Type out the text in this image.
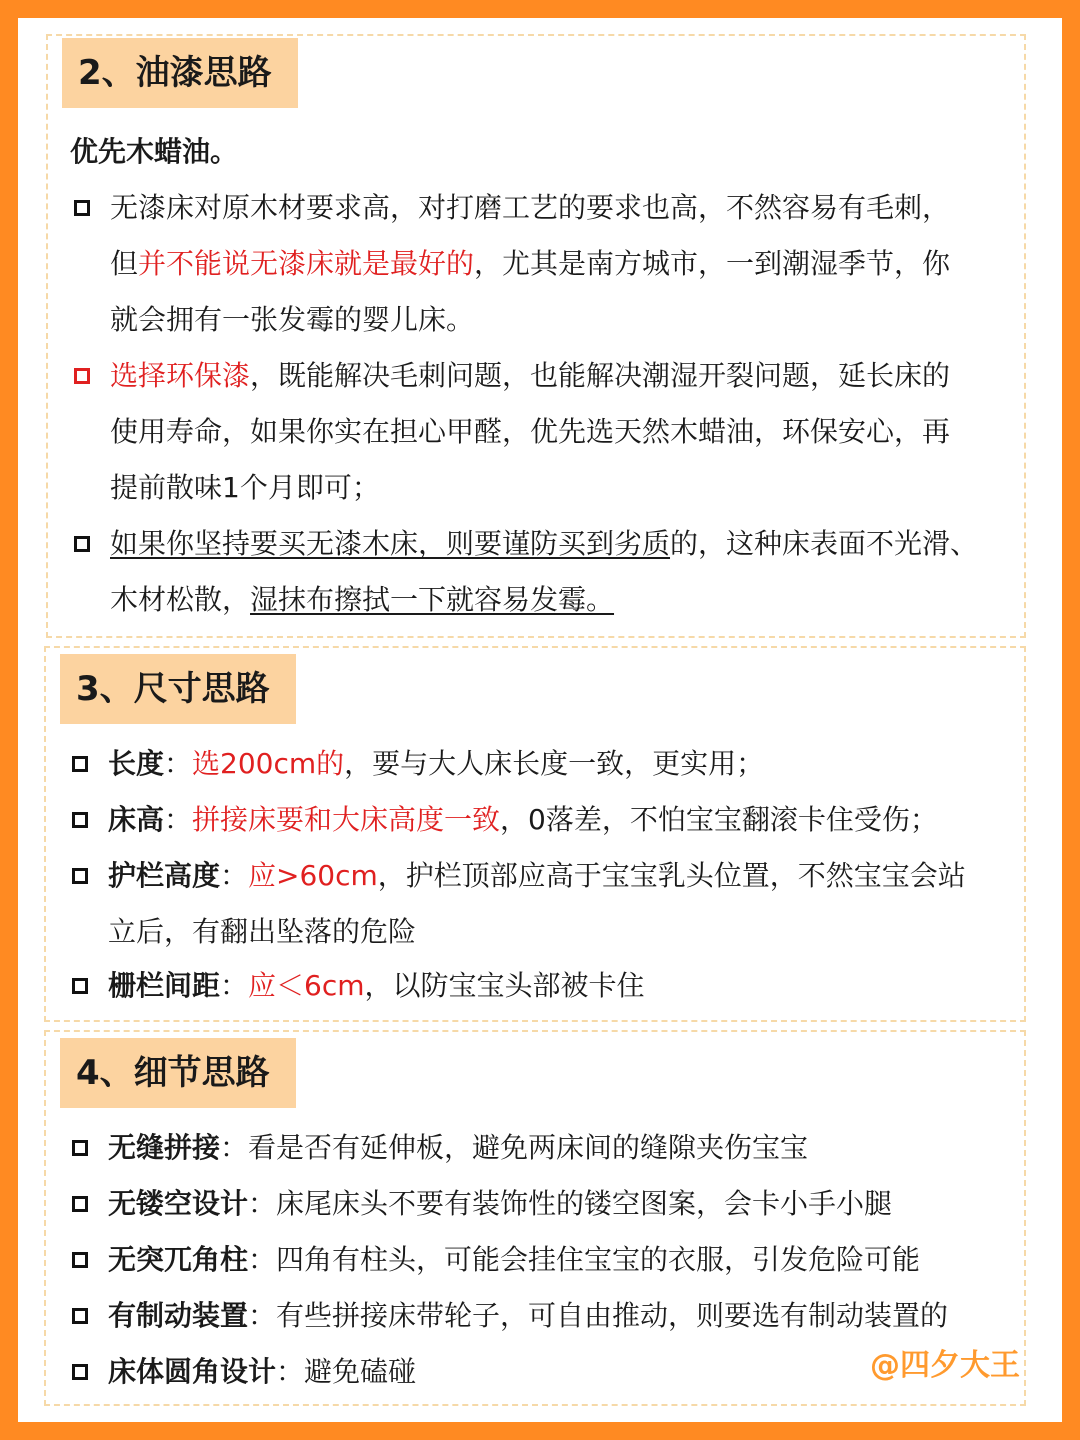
2、油漆思路
优先木蜡油。
无漆床对原木材要求高，对打磨工艺的要求也高，不然容易有毛刺，
但并不能说无漆床就是最好的，尤其是南方城市，一到潮湿季节，你
就会拥有一张发霉的婴儿床。
选择环保漆，既能解决毛刺问题，也能解决潮湿开裂问题，延长床的
使用寿命，如果你实在担心甲醛，优先选天然木蜡油，环保安心，再
提前散味1个月即可；
如果你坚持要买无漆木床，则要谨防买到劣质的，这种床表面不光滑、
木材松散，湿抹布擦拭一下就容易发霉。
3、尺寸思路
长度：选200cm的，要与大人床长度一致，更实用；
床高：拼接床要和大床高度一致，0落差，不怕宝宝翻滚卡住受伤；
护栏高度：应>60cm，护栏顶部应高于宝宝乳头位置，不然宝宝会站
立后，有翻出坠落的危险
栅栏间距：应＜6cm，以防宝宝头部被卡住
4、细节思路
无缝拼接：看是否有延伸板，避免两床间的缝隙夹伤宝宝
无镂空设计：床尾床头不要有装饰性的镂空图案，会卡小手小腿
无突兀角柱：四角有柱头，可能会挂住宝宝的衣服，引发危险可能
有制动装置：有些拼接床带轮子，可自由推动，则要选有制动装置的
床体圆角设计：避免磕碰	@四夕大王
